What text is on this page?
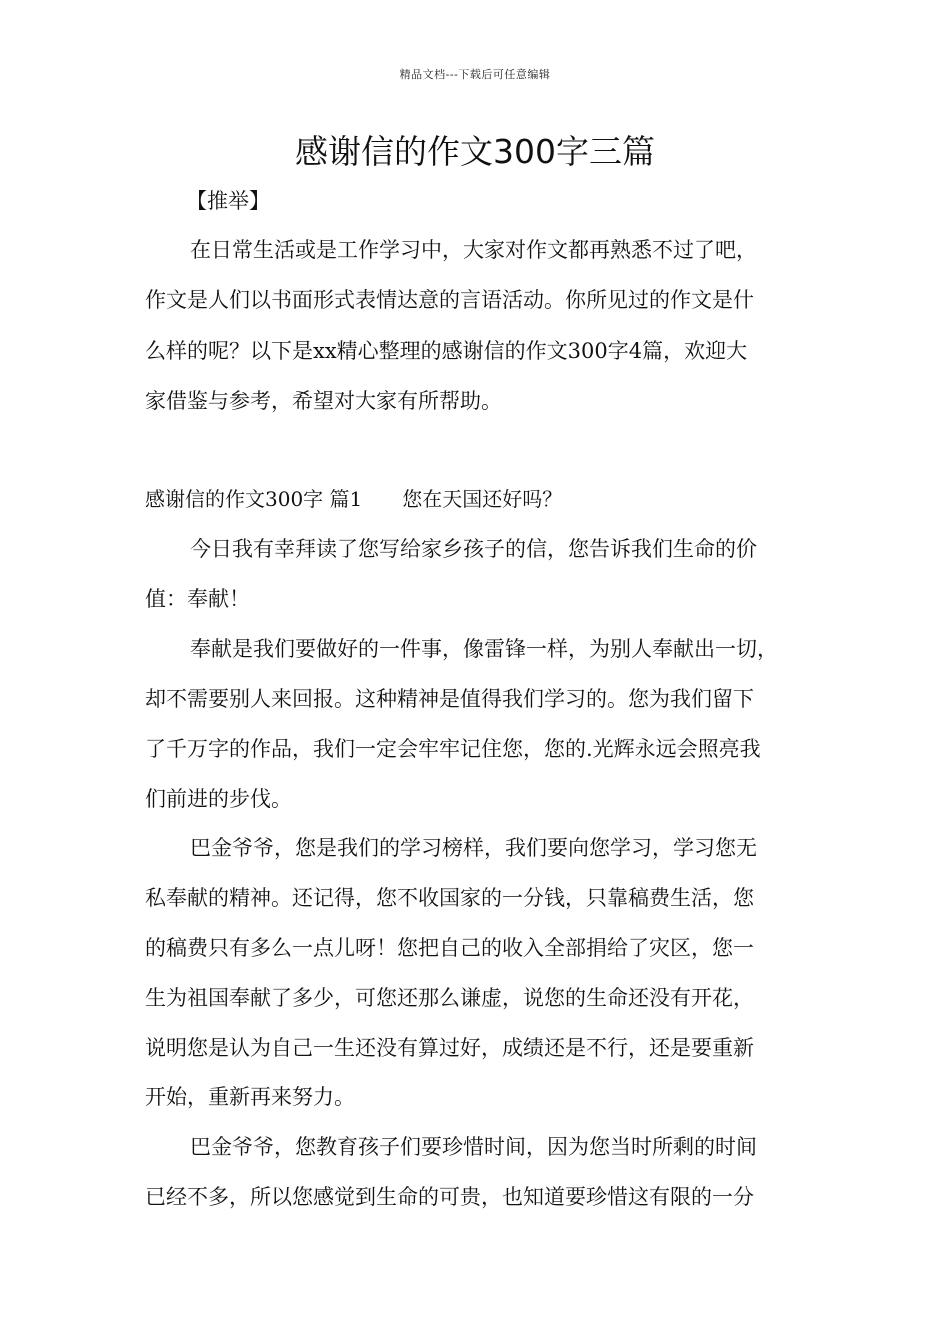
精品文档---下载后可任意编辑
感谢信的作文300字三篇
【推举】
在日常生活或是工作学习中，大家对作文都再熟悉不过了吧，
作文是人们以书面形式表情达意的言语活动。你所见过的作文是什
么样的呢？以下是xx精心整理的感谢信的作文300字4篇，欢迎大
家借鉴与参考，希望对大家有所帮助。
感谢信的作文300字 篇1 您在天国还好吗？
今日我有幸拜读了您写给家乡孩子的信，您告诉我们生命的价
值：奉献！
奉献是我们要做好的一件事，像雷锋一样，为别人奉献出一切，
却不需要别人来回报。这种精神是值得我们学习的。您为我们留下
了千万字的作品，我们一定会牢牢记住您，您的.光辉永远会照亮我
们前进的步伐。
巴金爷爷，您是我们的学习榜样，我们要向您学习，学习您无
私奉献的精神。还记得，您不收国家的一分钱，只靠稿费生活，您
的稿费只有多么一点儿呀！您把自己的收入全部捐给了灾区，您一
生为祖国奉献了多少，可您还那么谦虚，说您的生命还没有开花，
说明您是认为自己一生还没有算过好，成绩还是不行，还是要重新
开始，重新再来努力。
巴金爷爷，您教育孩子们要珍惜时间，因为您当时所剩的时间
已经不多，所以您感觉到生命的可贵，也知道要珍惜这有限的一分
